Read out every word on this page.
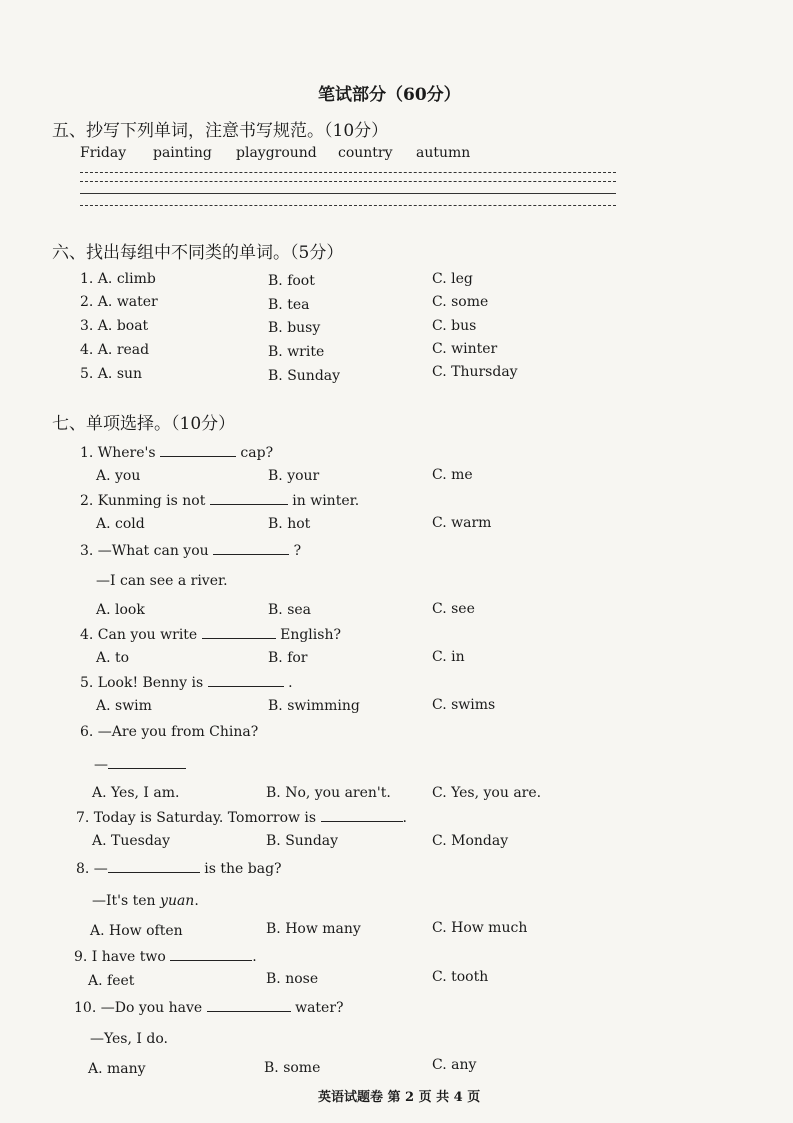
笔试部分（60分）
五、抄写下列单词，注意书写规范。（10分）
Friday painting playground country autumn
六、找出每组中不同类的单词。（5分）
1. A. climb	B. foot	C. leg
2. A. water	B. tea	C. some
3. A. boat	B. busy	C. bus
4. A. read	B. write	C. winter
5. A. sun	B. Sunday	C. Thursday
七、单项选择。（10分）
1. Where's	cap?
A. you	B. your	C. me
2. Kunming is not	in winter.
A. cold	B. hot	C. warm
3. —What can you	?
—I can see a river.
A. look	B. sea	C. see
4. Can you write	English?
A. to	B. for	C. in
5. Look! Benny is	.
A. swim	B. swimming	C. swims
6. —Are you from China?
—
A. Yes, I am.	B. No, you aren't.	C. Yes, you are.
7. Today is Saturday. Tomorrow is	.
A. Tuesday	B. Sunday	C. Monday
8. —	is the bag?
—It's ten yuan.
A. How often	B. How many	C. How much
9. I have two	.
A. feet	B. nose	C. tooth
10. —Do you have	water?
—Yes, I do.
A. many	B. some	C. any
英语试题卷 第 2 页 共 4 页
